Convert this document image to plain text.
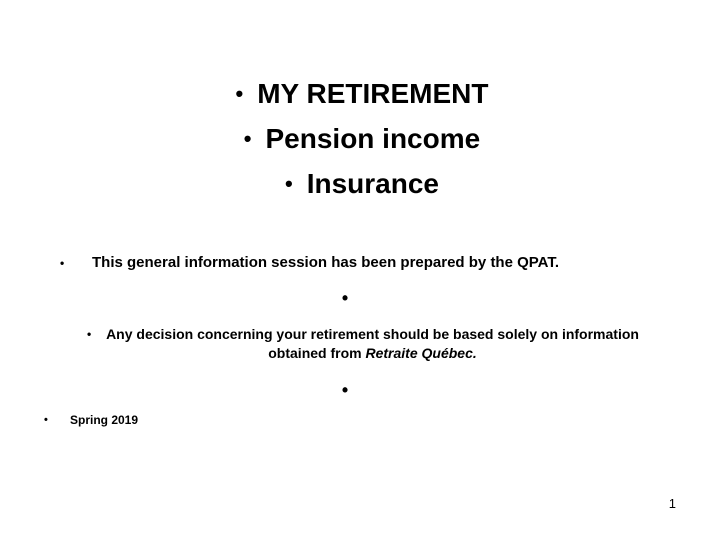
• MY RETIREMENT
• Pension income
• Insurance
• This general information session has been prepared by the QPAT.
•
• Any decision concerning your retirement should be based solely on information obtained from Retraite Québec.
•
• Spring 2019
1
